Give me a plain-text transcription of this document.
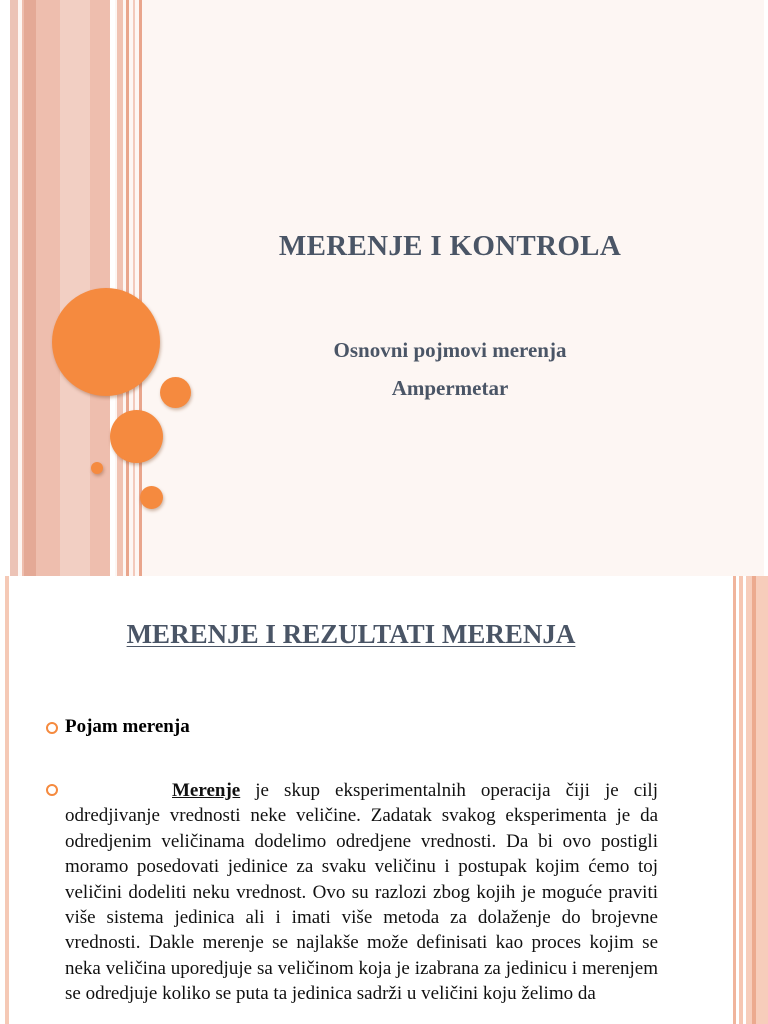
MERENJE I KONTROLA

Osnovni pojmovi merenja

Ampermetar

MERENJE I REZULTATI MERENJA

Pojam merenja

Merenje je skup eksperimentalnih operacija čiji je cilj odredjivanje vrednosti neke veličine. Zadatak svakog eksperimenta je da odredjenim veličinama dodelimo odredjene vrednosti. Da bi ovo postigli moramo posedovati jedinice za svaku veličinu i postupak kojim ćemo toj veličini dodeliti neku vrednost. Ovo su razlozi zbog kojih je moguće praviti više sistema jedinica ali i imati više metoda za dolaženje do brojevne vrednosti. Dakle merenje se najlakše može definisati kao proces kojim se neka veličina uporedjuje sa veličinom koja je izabrana za jedinicu i merenjem se odredjuje koliko se puta ta jedinica sadrži u veličini koju želimo da
